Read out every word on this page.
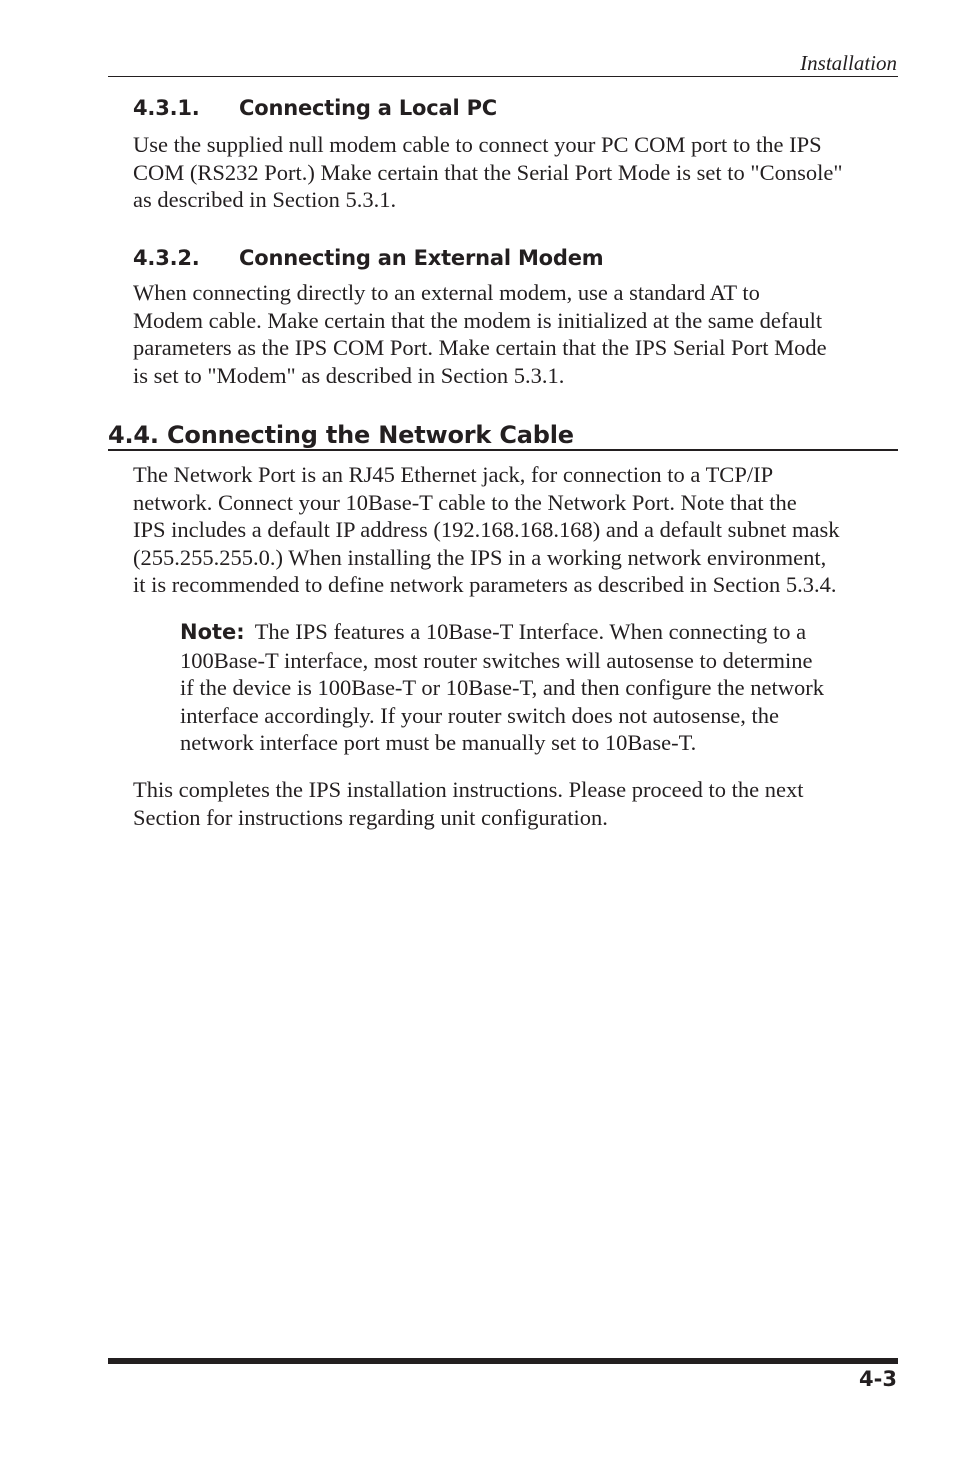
Installation
4.3.1. Connecting a Local PC
Use the supplied null modem cable to connect your PC COM port to the IPS
COM (RS232 Port.) Make certain that the Serial Port Mode is set to "Console"
as described in Section 5.3.1.
4.3.2. Connecting an External Modem
When connecting directly to an external modem, use a standard AT to
Modem cable. Make certain that the modem is initialized at the same default
parameters as the IPS COM Port. Make certain that the IPS Serial Port Mode
is set to "Modem" as described in Section 5.3.1.
4.4. Connecting the Network Cable
The Network Port is an RJ45 Ethernet jack, for connection to a TCP/IP
network. Connect your 10Base-T cable to the Network Port. Note that the
IPS includes a default IP address (192.168.168.168) and a default subnet mask
(255.255.255.0.) When installing the IPS in a working network environment,
it is recommended to define network parameters as described in Section 5.3.4.
Note: The IPS features a 10Base-T Interface. When connecting to a
100Base-T interface, most router switches will autosense to determine
if the device is 100Base-T or 10Base-T, and then configure the network
interface accordingly. If your router switch does not autosense, the
network interface port must be manually set to 10Base-T.
This completes the IPS installation instructions. Please proceed to the next
Section for instructions regarding unit configuration.
4-3
